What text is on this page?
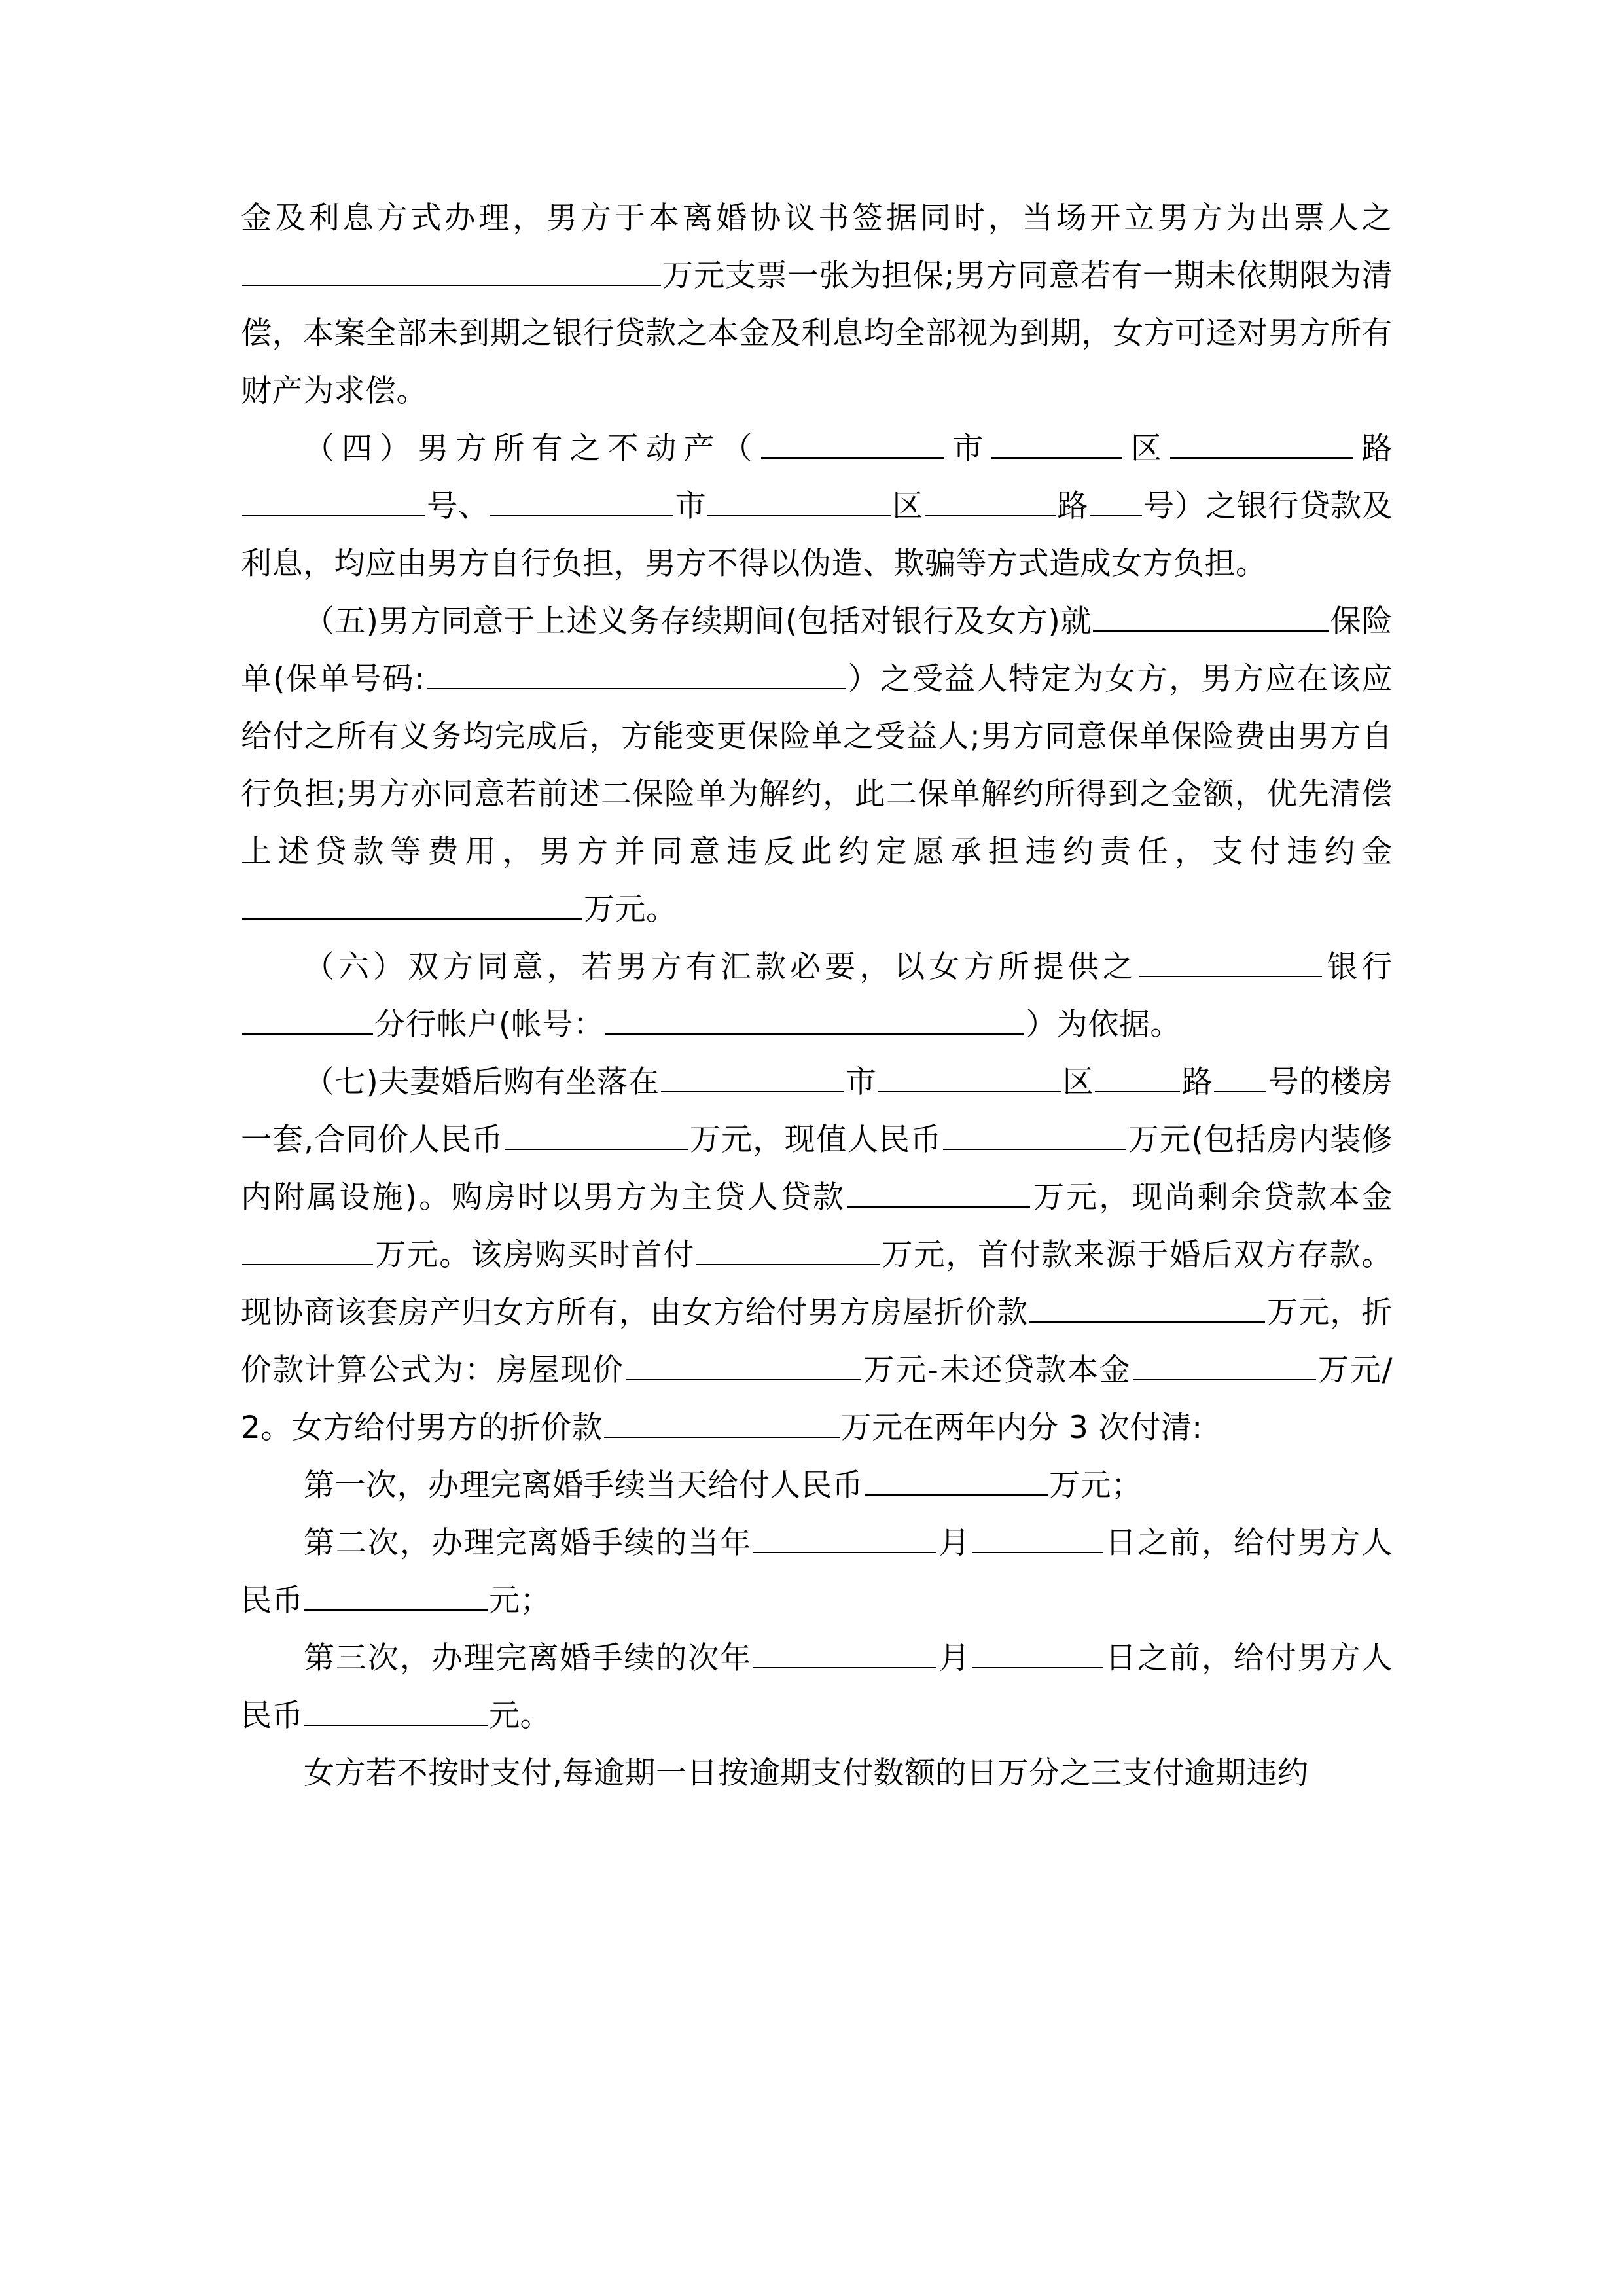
金及利息方式办理，男方于本离婚协议书签据同时，当场开立男方为出票人之万元支票一张为担保;男方同意若有一期未依期限为清偿，本案全部未到期之银行贷款之本金及利息均全部视为到期，女方可迳对男方所有财产为求偿。

（四）男方所有之不动产（	市	区	路号、	市	区	路 号）之银行贷款及利息，均应由男方自行负担，男方不得以伪造、欺骗等方式造成女方负担。

（五)男方同意于上述义务存续期间(包括对银行及女方)就	保险单(保单号码:	）之受益人特定为女方，男方应在该应给付之所有义务均完成后，方能变更保险单之受益人;男方同意保单保险费由男方自行负担;男方亦同意若前述二保险单为解约，此二保单解约所得到之金额，优先清偿上述贷款等费用，男方并同意违反此约定愿承担违约责任，支付违约金万元。

（六）双方同意，若男方有汇款必要，以女方所提供之	银行分行帐户(帐号：	）为依据。

（七)夫妻婚后购有坐落在	市	区	路 号的楼房一套,合同价人民币	万元，现值人民币	万元(包括房内装修内附属设施)。购房时以男方为主贷人贷款	万元，现尚剩余贷款本金万元。该房购买时首付	万元，首付款来源于婚后双方存款。现协商该套房产归女方所有，由女方给付男方房屋折价款	万元，折价款计算公式为：房屋现价	万元-未还贷款本金	万元/2。女方给付男方的折价款	万元在两年内分 3 次付清:

第一次，办理完离婚手续当天给付人民币	万元；

第二次，办理完离婚手续的当年	月	日之前，给付男方人民币	元；

第三次，办理完离婚手续的次年	月	日之前，给付男方人民币	元。

女方若不按时支付,每逾期一日按逾期支付数额的日万分之三支付逾期违约
